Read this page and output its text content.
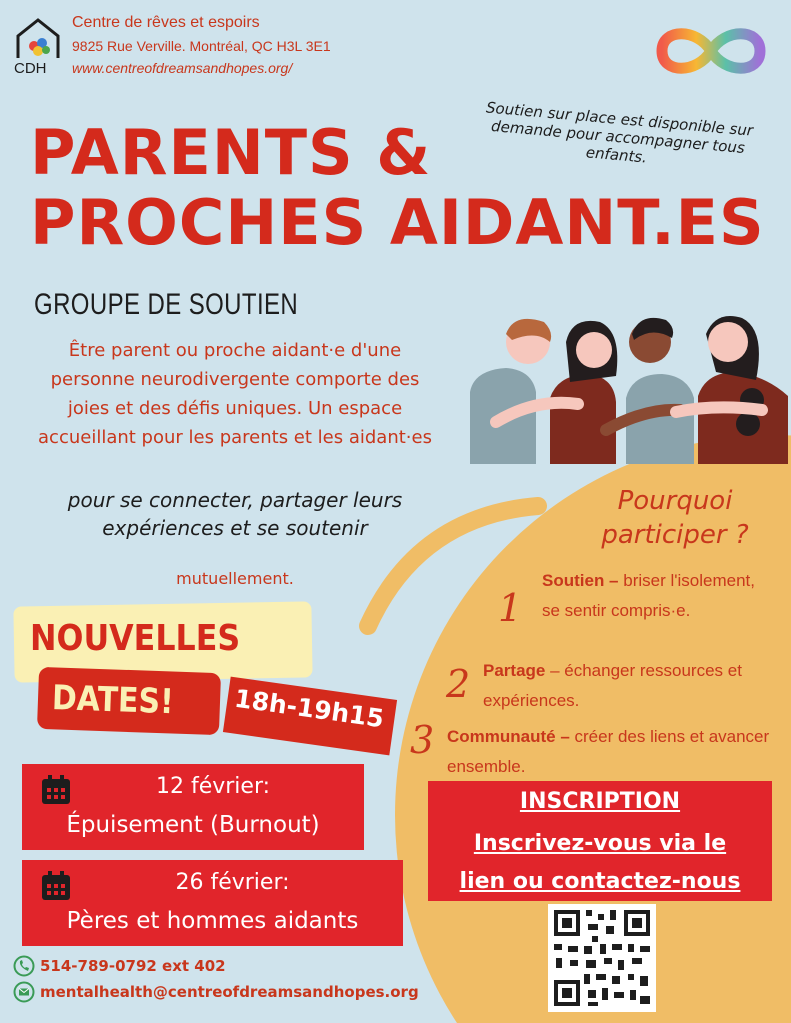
CDH
Centre de rêves et espoirs
9825 Rue Verville. Montréal, QC H3L 3E1
www.centreofdreamsandhopes.org/
Soutien sur place est disponible sur demande pour accompagner tous enfants.
PARENTS &
PROCHES AIDANT.ES
GROUPE DE SOUTIEN
Être parent ou proche aidant·e d'une personne neurodivergente comporte des joies et des défis uniques. Un espace accueillant pour les parents et les aidant·es
pour se connecter, partager leurs expériences et se soutenir
mutuellement.
Pourquoi participer ?
1
Soutien – briser l'isolement, se sentir compris·e.
2 Partage – échanger ressources et expériences.
3 Communauté – créer des liens et avancer ensemble.
NOUVELLES
DATES! 18h-19h15
12 février:
Épuisement (Burnout)
26 février:
Pères et hommes aidants
514-789-0792 ext 402
mentalhealth@centreofdreamsandhopes.org
INSCRIPTION
Inscrivez-vous via le
lien ou contactez-nous
